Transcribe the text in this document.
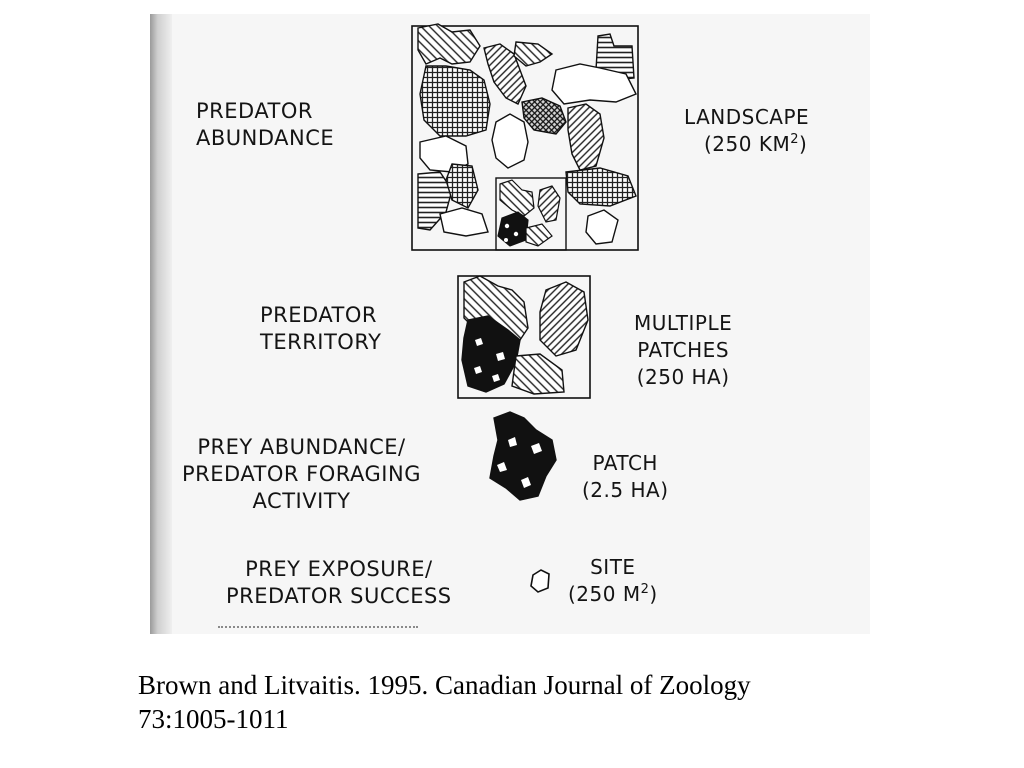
PREDATOR
ABUNDANCE
LANDSCAPE
(250 $KM^2$)
PREDATOR
TERRITORY
MULTIPLE
PATCHES
(250 HA)
PREY ABUNDANCE/
PREDATOR FORAGING
ACTIVITY
PATCH
(2.5 HA)
PREY EXPOSURE/
PREDATOR SUCCESS
SITE
(250 $M^2$)
Brown and Litvaitis. 1995. Canadian Journal of Zoology
73:1005-1011
